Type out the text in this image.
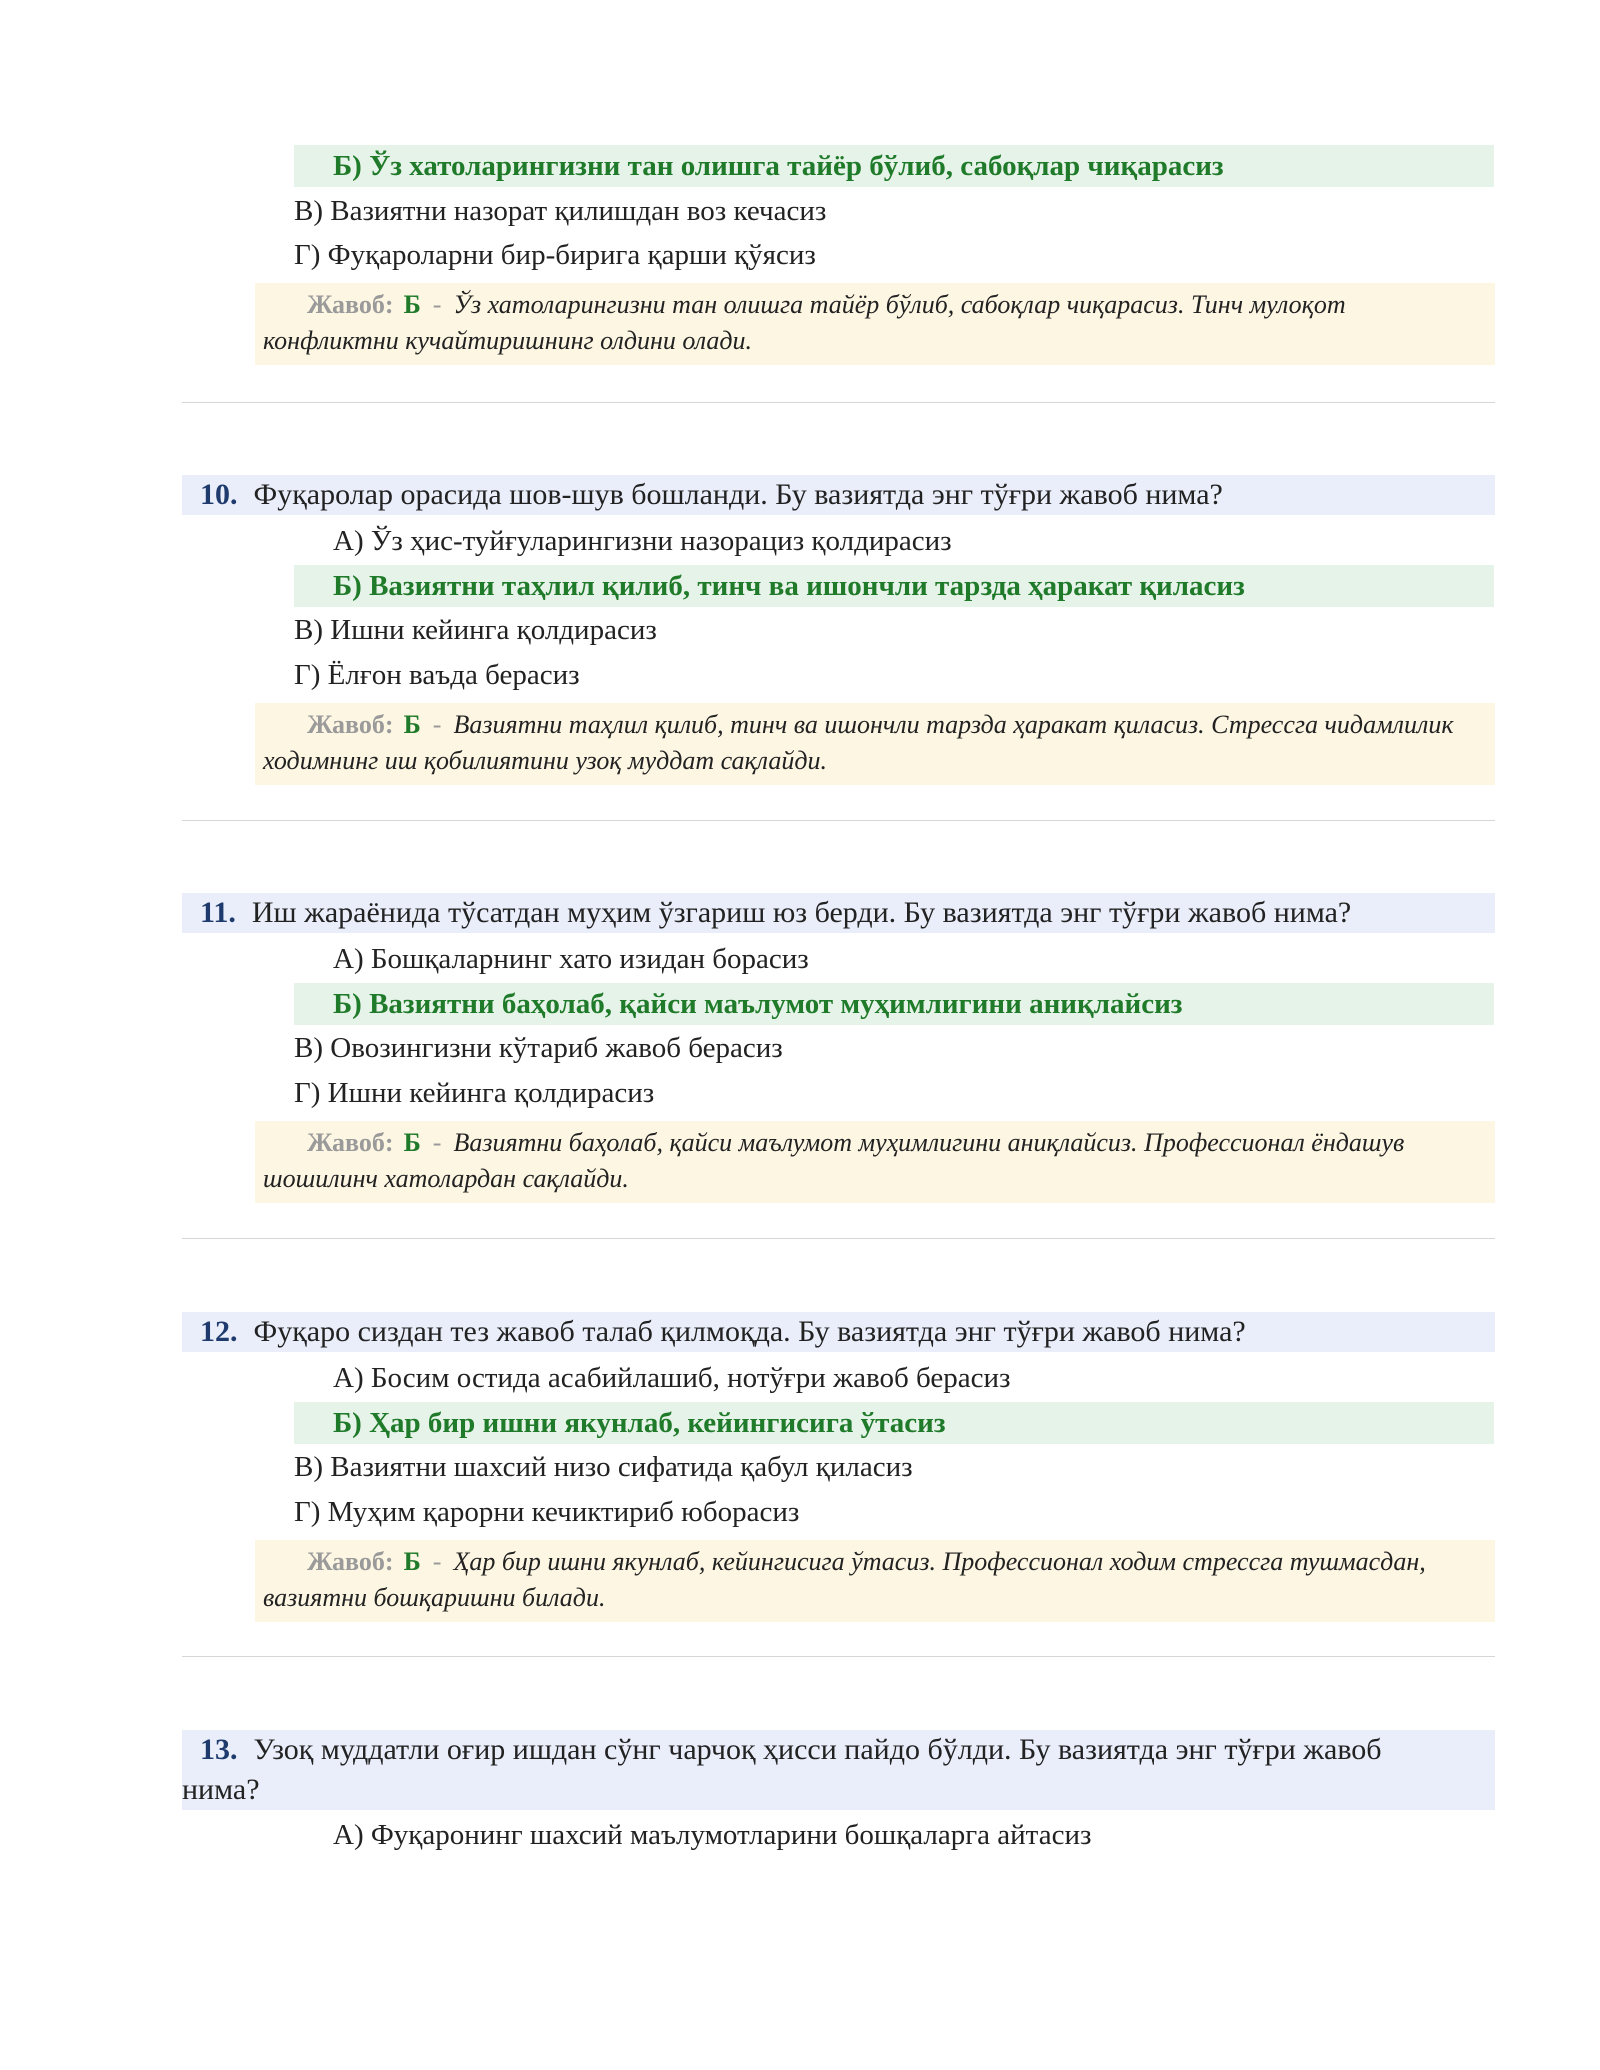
Б) Ўз хатоларингизни тан олишга тайёр бўлиб, сабоқлар чиқарасиз
В) Вазиятни назорат қилишдан воз кечасиз
Г) Фуқароларни бир-бирига қарши қўясиз
Жавоб: Б - Ўз хатоларингизни тан олишга тайёр бўлиб, сабоқлар чиқарасиз. Тинч мулоқот конфликтни кучайтиришнинг олдини олади.
10. Фуқаролар орасида шов-шув бошланди. Бу вазиятда энг тўғри жавоб нима?
А) Ўз ҳис-туйғуларингизни назорациз қолдирасиз
Б) Вазиятни таҳлил қилиб, тинч ва ишончли тарзда ҳаракат қиласиз
В) Ишни кейинга қолдирасиз
Г) Ёлғон ваъда берасиз
Жавоб: Б - Вазиятни таҳлил қилиб, тинч ва ишончли тарзда ҳаракат қиласиз. Стрессга чидамлилик ходимнинг иш қобилиятини узоқ муддат сақлайди.
11. Иш жараёнида тўсатдан муҳим ўзгариш юз берди. Бу вазиятда энг тўғри жавоб нима?
А) Бошқаларнинг хато изидан борасиз
Б) Вазиятни баҳолаб, қайси маълумот муҳимлигини аниқлайсиз
В) Овозингизни кўтариб жавоб берасиз
Г) Ишни кейинга қолдирасиз
Жавоб: Б - Вазиятни баҳолаб, қайси маълумот муҳимлигини аниқлайсиз. Профессионал ёндашув шошилинч хатолардан сақлайди.
12. Фуқаро сиздан тез жавоб талаб қилмоқда. Бу вазиятда энг тўғри жавоб нима?
А) Босим остида асабийлашиб, нотўғри жавоб берасиз
Б) Ҳар бир ишни якунлаб, кейингисига ўтасиз
В) Вазиятни шахсий низо сифатида қабул қиласиз
Г) Муҳим қарорни кечиктириб юборасиз
Жавоб: Б - Ҳар бир ишни якунлаб, кейингисига ўтасиз. Профессионал ходим стрессга тушмасдан, вазиятни бошқаришни билади.
13. Узоқ муддатли оғир ишдан сўнг чарчоқ ҳисси пайдо бўлди. Бу вазиятда энг тўғри жавоб
нима?
А) Фуқаронинг шахсий маълумотларини бошқаларга айтасиз
